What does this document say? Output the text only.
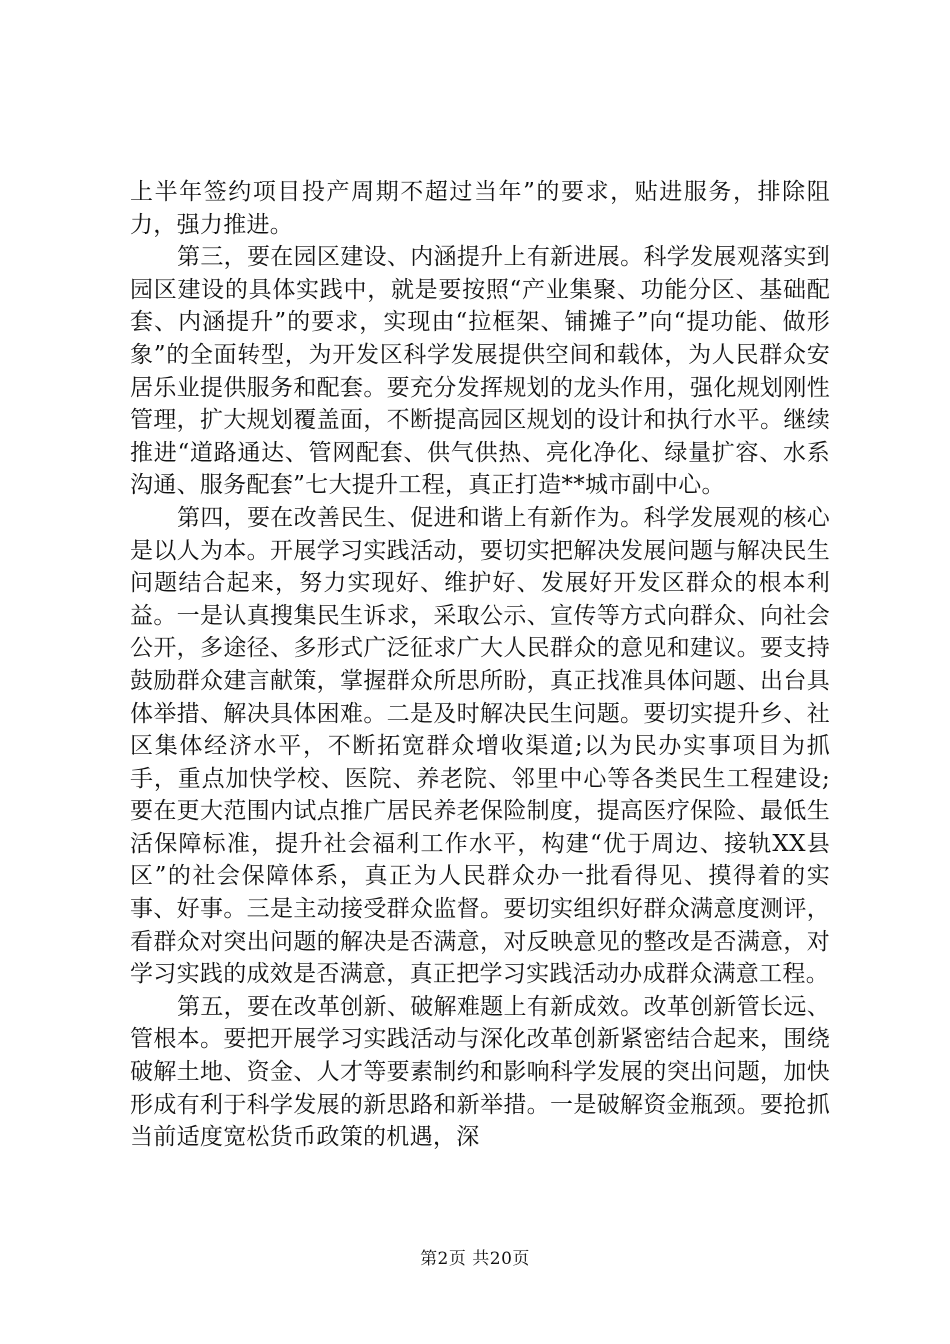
上半年签约项目投产周期不超过当年”的要求，贴进服务，排除阻力，强力推进。

第三，要在园区建设、内涵提升上有新进展。科学发展观落实到园区建设的具体实践中，就是要按照“产业集聚、功能分区、基础配套、内涵提升”的要求，实现由“拉框架、铺摊子”向“提功能、做形象”的全面转型，为开发区科学发展提供空间和载体，为人民群众安居乐业提供服务和配套。要充分发挥规划的龙头作用，强化规划刚性管理，扩大规划覆盖面，不断提高园区规划的设计和执行水平。继续推进“道路通达、管网配套、供气供热、亮化净化、绿量扩容、水系沟通、服务配套”七大提升工程，真正打造**城市副中心。

第四，要在改善民生、促进和谐上有新作为。科学发展观的核心是以人为本。开展学习实践活动，要切实把解决发展问题与解决民生问题结合起来，努力实现好、维护好、发展好开发区群众的根本利益。一是认真搜集民生诉求，采取公示、宣传等方式向群众、向社会公开，多途径、多形式广泛征求广大人民群众的意见和建议。要支持鼓励群众建言献策，掌握群众所思所盼，真正找准具体问题、出台具体举措、解决具体困难。二是及时解决民生问题。要切实提升乡、社区集体经济水平，不断拓宽群众增收渠道;以为民办实事项目为抓手，重点加快学校、医院、养老院、邻里中心等各类民生工程建设;要在更大范围内试点推广居民养老保险制度，提高医疗保险、最低生活保障标准，提升社会福利工作水平，构建“优于周边、接轨XX县区”的社会保障体系，真正为人民群众办一批看得见、摸得着的实事、好事。三是主动接受群众监督。要切实组织好群众满意度测评，看群众对突出问题的解决是否满意，对反映意见的整改是否满意，对学习实践的成效是否满意，真正把学习实践活动办成群众满意工程。

第五，要在改革创新、破解难题上有新成效。改革创新管长远、管根本。要把开展学习实践活动与深化改革创新紧密结合起来，围绕破解土地、资金、人才等要素制约和影响科学发展的突出问题，加快形成有利于科学发展的新思路和新举措。一是破解资金瓶颈。要抢抓当前适度宽松货币政策的机遇，深

第2页 共20页
